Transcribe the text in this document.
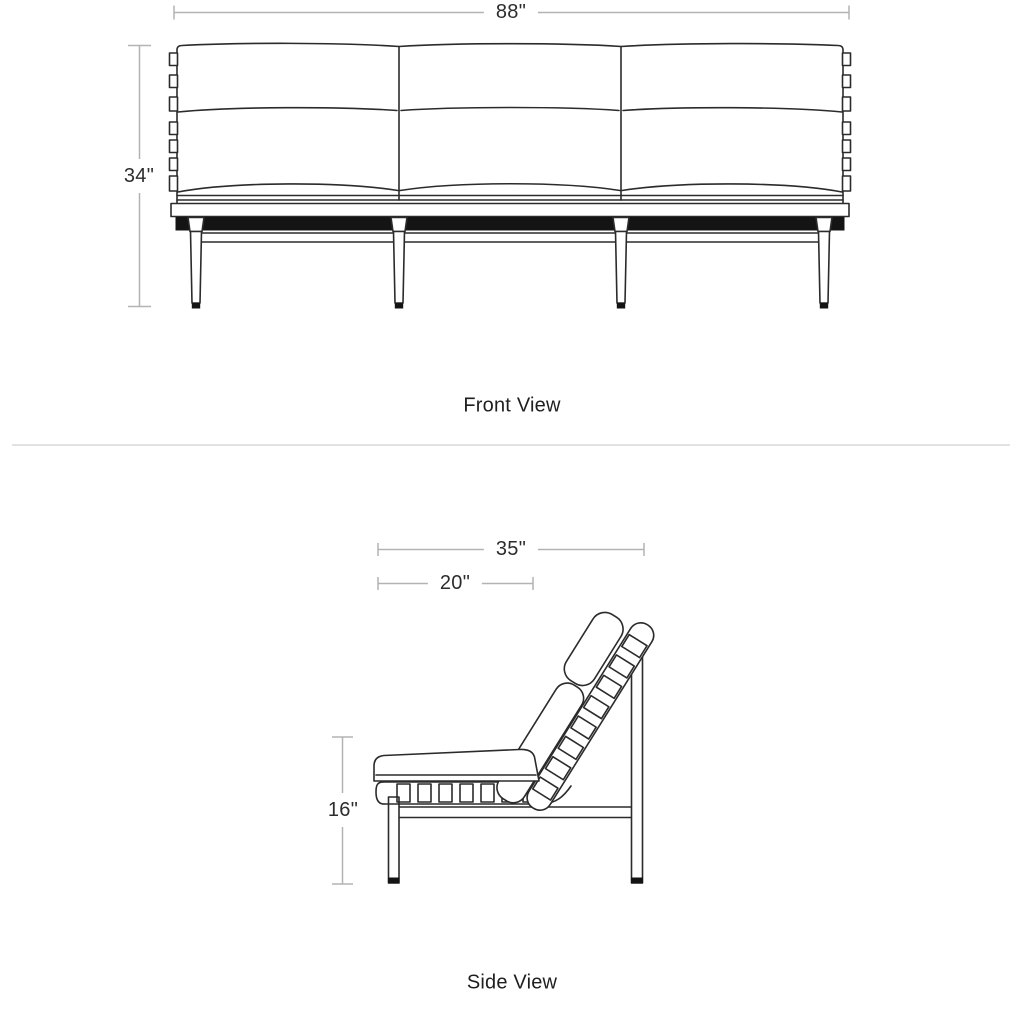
88"
34"
Front View
35"
20"
16"
Side View
